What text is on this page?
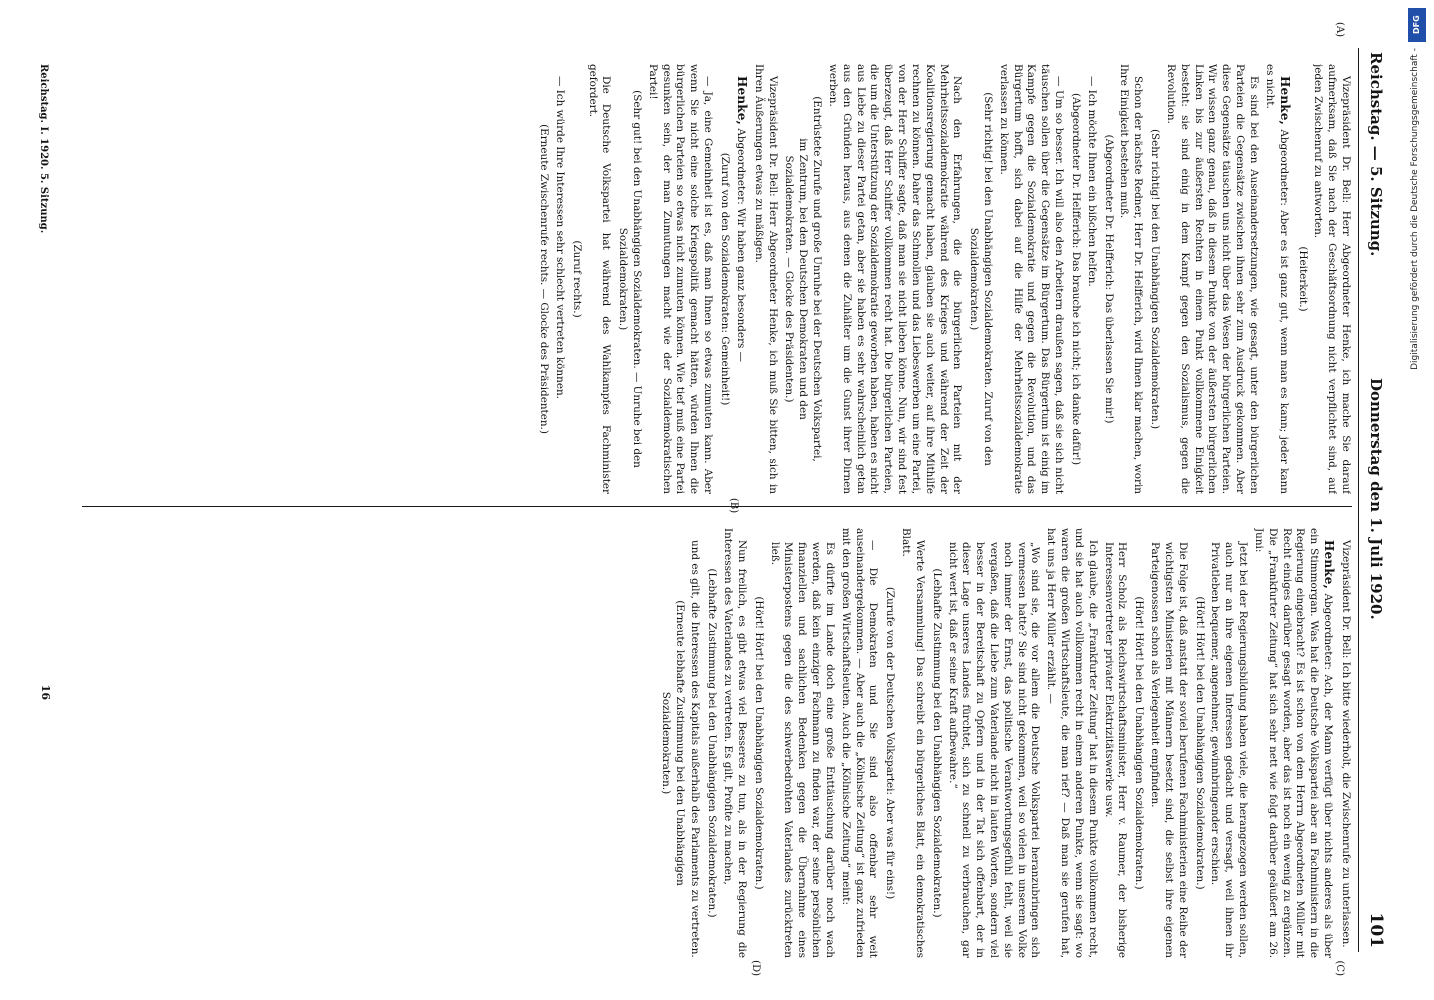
Reichstag. — 5. Sitzung.
Donnerstag den 1. Juli 1920.
101
(A)
(B)
(C)
(D)

Vizepräsident Dr. Bell: Herr Abgeordneter Henke, ich mache Sie darauf aufmerksam, daß Sie nach der Geschäftsordnung nicht verpflichtet sind, auf jeden Zwischenruf zu antworten.

(Heiterkeit.)

Henke, Abgeordneter: Aber es ist ganz gut, wenn man es kann; jeder kann es nicht.

Es sind bei den Auseinandersetzungen, wie gesagt, unter den bürgerlichen Parteien die Gegensätze zwischen ihnen sehr zum Ausdruck gekommen. Aber diese Gegensätze täuschen uns nicht über das Wesen der bürgerlichen Parteien. Wir wissen ganz genau, daß in diesem Punkte von der äußersten bürgerlichen Linken bis zur äußersten Rechten in einem Punkt vollkommene Einigkeit besteht: sie sind einig in dem Kampf gegen den Sozialismus, gegen die Revolution.

(Sehr richtig! bei den Unabhängigen Sozialdemokraten.)

Schon der nächste Redner, Herr Dr. Helfferich, wird Ihnen klar machen, worin Ihre Einigkeit bestehen muß.

(Abgeordneter Dr. Helfferich: Das überlassen Sie mir!)

— Ich möchte Ihnen ein bißchen helfen.

(Abgeordneter Dr. Helfferich: Das brauche ich nicht; ich danke dafür!)

— Um so besser. Ich will also den Arbeitern draußen sagen, daß sie sich nicht täuschen sollen über die Gegensätze im Bürgertum. Das Bürgertum ist einig im Kampfe gegen die Sozialdemokratie und gegen die Revolution, und das Bürgertum hofft, sich dabei auf die Hilfe der Mehrheitssozialdemokratie verlassen zu können.

(Sehr richtig! bei den Unabhängigen Sozialdemokraten. Zuruf von den Sozialdemokraten.)

Nach den Erfahrungen, die die bürgerlichen Parteien mit der Mehrheitssozialdemokratie während des Krieges und während der Zeit der Koalitionsregierung gemacht haben, glauben sie auch weiter, auf ihre Mithilfe rechnen zu können. Daher das Schmollen und das Liebeswerben um eine Partei, von der Herr Schiffer sagte, daß man sie nicht lieben könne. Nun, wir sind fest überzeugt, daß Herr Schiffer vollkommen recht hat. Die bürgerlichen Parteien, die um die Unterstützung der Sozialdemokratie geworben haben, haben es nicht aus Liebe zu dieser Partei getan, aber sie haben es sehr wahrscheinlich getan aus den Gründen heraus, aus denen die Zuhälter um die Gunst ihrer Dirnen werben.

(Entrüstete Zurufe und große Unruhe bei der Deutschen Volkspartei, im Zentrum, bei den Deutschen Demokraten und den Sozialdemokraten. — Glocke des Präsidenten.)

Vizepräsident Dr. Bell: Herr Abgeordneter Henke, ich muß Sie bitten, sich in Ihren Äußerungen etwas zu mäßigen.

Henke, Abgeordneter: Wir haben ganz besonders —

(Zuruf von den Sozialdemokraten: Gemeinheit!)

— Ja, eine Gemeinheit ist es, daß man Ihnen so etwas zumuten kann. Aber wenn Sie nicht eine solche Kriegspolitik gemacht hätten, würden Ihnen die bürgerlichen Parteien so etwas nicht zumuten können. Wie tief muß eine Partei gesunken sein, der man Zumutungen macht wie der Sozialdemokratischen Partei!

(Sehr gut! bei den Unabhängigen Sozialdemokraten. — Unruhe bei den Sozialdemokraten.)

Die Deutsche Volkspartei hat während des Wahlkampfes Fachminister gefordert.

(Zuruf rechts.)

— Ich würde Ihre Interessen sehr schlecht vertreten können.

(Erneute Zwischenrufe rechts. — Glocke des Präsidenten.)

Vizepräsident Dr. Bell: Ich bitte wiederholt, die Zwischenrufe zu unterlassen.

Henke, Abgeordneter: Ach, der Mann verfügt über nichts anderes als über ein Stimmorgan. Was hat die Deutsche Volkspartei aber an Fachministern in die Regierung eingebracht? Es ist schon von dem Herrn Abgeordneten Müller mit Recht einiges darüber gesagt worden, aber das ist noch ein wenig zu ergänzen. Die „Frankfurter Zeitung“ hat sich sehr nett wie folgt darüber geäußert am 26. Juni:

Jetzt bei der Regierungsbildung haben viele, die herangezogen werden sollen, auch nur an ihre eigenen Interessen gedacht und versagt, weil ihnen ihr Privatleben bequemer, angenehmer, gewinnbringender erschien.

(Hört! Hört! bei den Unabhängigen Sozialdemokraten.)

Die Folge ist, daß anstatt der soviel berufenen Fachministerien eine Reihe der wichtigsten Ministerien mit Männern besetzt sind, die selbst ihre eigenen Parteigenossen schon als Verlegenheit empfinden.

(Hört! Hört! bei den Unabhängigen Sozialdemokraten.)

Herr Scholz als Reichswirtschaftsminister, Herr v. Raumer, der bisherige Interessenvertreter privater Elektrizitätswerke usw.

Ich glaube, die „Frankfurter Zeitung“ hat in diesem Punkte vollkommen recht, und sie hat auch vollkommen recht in einem anderen Punkte, wenn sie sagt: wo waren die großen Wirtschaftsleute, die man rief? — Daß man sie gerufen hat, hat uns ja Herr Müller erzählt. —

„Wo sind sie, die vor allem die Deutsche Volkspartei heranzubringen sich vermessen hatte? Sie sind nicht gekommen, weil so vielen in unserem Volke noch immer der Ernst, das politische Verantwortungsgefühl fehlt, weil sie vergaßen, daß die Liebe zum Vaterlande nicht in lauten Worten, sondern viel besser in der Bereitschaft zu Opfern und in der Tat sich offenbart, der in dieser Lage unseres Landes fürchtet, sich zu schnell zu verbrauchen, gar nicht wert ist, daß er seine Kraft aufbewahre.“

(Lebhafte Zustimmung bei den Unabhängigen Sozialdemokraten.)

Werte Versammlung! Das schreibt ein bürgerliches Blatt, ein demokratisches Blatt.

(Zurufe von der Deutschen Volkspartei: Aber was für eins!)

— Die Demokraten und Sie sind also offenbar sehr weit auseinandergekommen. — Aber auch die „Kölnische Zeitung“ ist ganz zufrieden mit den großen Wirtschaftsleuten. Auch die „Kölnische Zeitung“ meint:

Es dürfte im Lande doch eine große Enttäuschung darüber noch wach werden, daß kein einziger Fachmann zu finden war, der seine persönlichen finanziellen und sachlichen Bedenken gegen die Übernahme eines Ministerpostens gegen die des schwerbedrohten Vaterlandes zurücktreten ließ.

(Hört! Hört! bei den Unabhängigen Sozialdemokraten.)

Nun freilich, es gibt etwas viel Besseres zu tun, als in der Regierung die Interessen des Vaterlandes zu vertreten. Es gilt, Profite zu machen,

(Lebhafte Zustimmung bei den Unabhängigen Sozialdemokraten.)

und es gilt, die Interessen des Kapitals außerhalb des Parlaments zu vertreten.

(Erneute lebhafte Zustimmung bei den Unabhängigen Sozialdemokraten.)

Reichstag. I. 1920. 5. Sitzung.
16
DFG
Digitalisierung gefördert durch die Deutsche Forschungsgemeinschaft -
